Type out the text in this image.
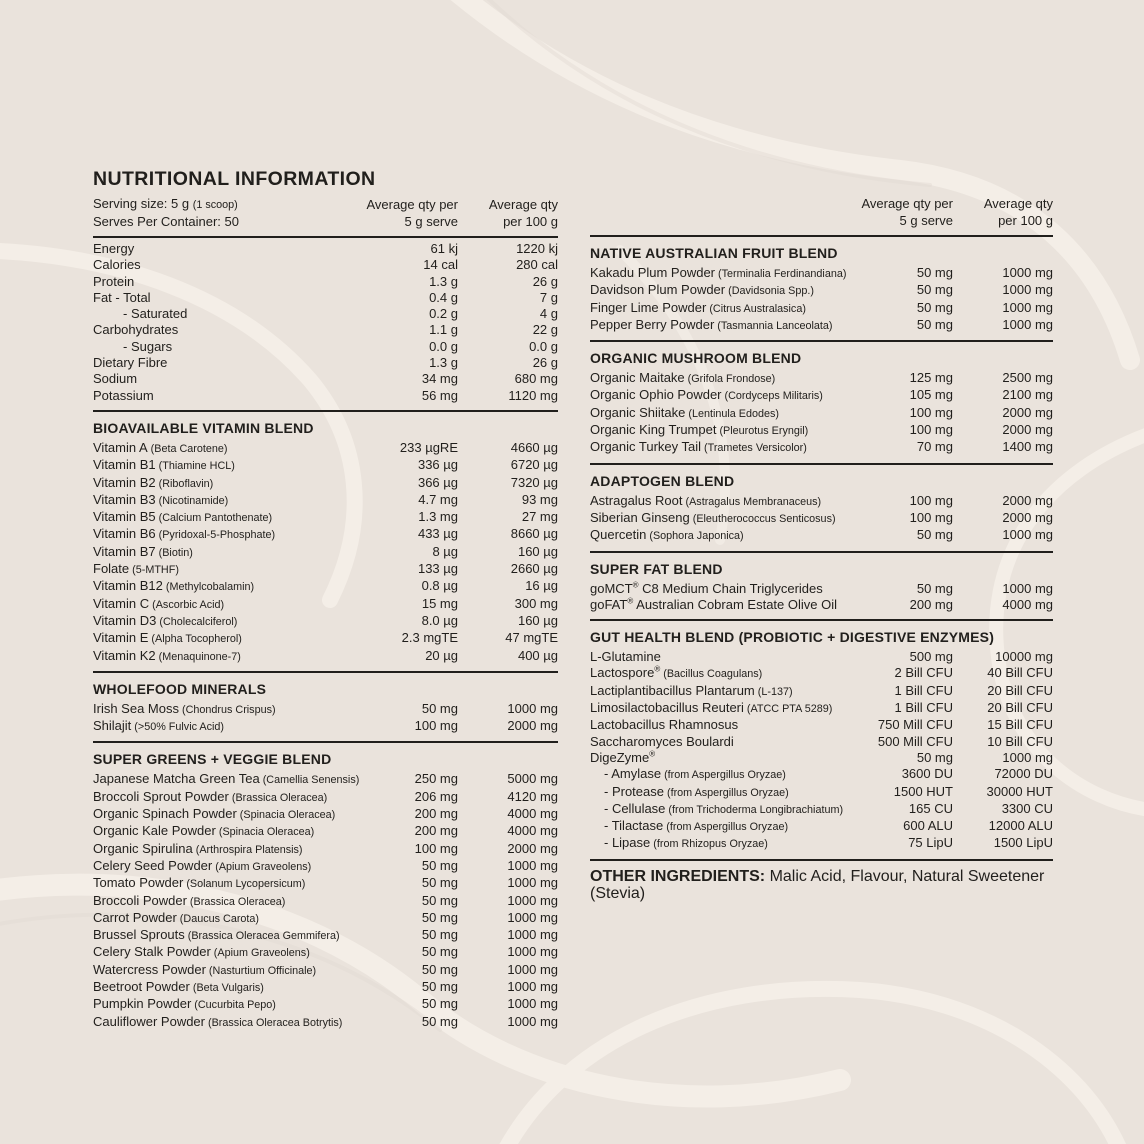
NUTRITIONAL INFORMATION
Serving size: 5 g (1 scoop)
Serves Per Container: 50
Average qty per
5 g serve
Average qty
per 100 g
Energy	61 kj	1220 kj
Calories	14 cal	280 cal
Protein	1.3 g	26 g
Fat - Total	0.4 g	7 g
- Saturated	0.2 g	4 g
Carbohydrates	1.1 g	22 g
- Sugars	0.0 g	0.0 g
Dietary Fibre	1.3 g	26 g
Sodium	34 mg	680 mg
Potassium	56 mg	1120 mg
BIOAVAILABLE VITAMIN BLEND
Vitamin A (Beta Carotene)	233 µgRE	4660 µg
Vitamin B1 (Thiamine HCL)	336 µg	6720 µg
Vitamin B2 (Riboflavin)	366 µg	7320 µg
Vitamin B3 (Nicotinamide)	4.7 mg	93 mg
Vitamin B5 (Calcium Pantothenate)	1.3 mg	27 mg
Vitamin B6 (Pyridoxal-5-Phosphate)	433 µg	8660 µg
Vitamin B7 (Biotin)	8 µg	160 µg
Folate (5-MTHF)	133 µg	2660 µg
Vitamin B12 (Methylcobalamin)	0.8 µg	16 µg
Vitamin C (Ascorbic Acid)	15 mg	300 mg
Vitamin D3 (Cholecalciferol)	8.0 µg	160 µg
Vitamin E (Alpha Tocopherol)	2.3 mgTE	47 mgTE
Vitamin K2 (Menaquinone-7)	20 µg	400 µg
WHOLEFOOD MINERALS
Irish Sea Moss (Chondrus Crispus)	50 mg	1000 mg
Shilajit (>50% Fulvic Acid)	100 mg	2000 mg
SUPER GREENS + VEGGIE BLEND
Japanese Matcha Green Tea (Camellia Senensis)	250 mg	5000 mg
Broccoli Sprout Powder (Brassica Oleracea)	206 mg	4120 mg
Organic Spinach Powder (Spinacia Oleracea)	200 mg	4000 mg
Organic Kale Powder (Spinacia Oleracea)	200 mg	4000 mg
Organic Spirulina (Arthrospira Platensis)	100 mg	2000 mg
Celery Seed Powder (Apium Graveolens)	50 mg	1000 mg
Tomato Powder (Solanum Lycopersicum)	50 mg	1000 mg
Broccoli Powder (Brassica Oleracea)	50 mg	1000 mg
Carrot Powder (Daucus Carota)	50 mg	1000 mg
Brussel Sprouts (Brassica Oleracea Gemmifera)	50 mg	1000 mg
Celery Stalk Powder (Apium Graveolens)	50 mg	1000 mg
Watercress Powder (Nasturtium Officinale)	50 mg	1000 mg
Beetroot Powder (Beta Vulgaris)	50 mg	1000 mg
Pumpkin Powder (Cucurbita Pepo)	50 mg	1000 mg
Cauliflower Powder (Brassica Oleracea Botrytis)	50 mg	1000 mg
Average qty per
5 g serve
Average qty
per 100 g
NATIVE AUSTRALIAN FRUIT BLEND
Kakadu Plum Powder (Terminalia Ferdinandiana)	50 mg	1000 mg
Davidson Plum Powder (Davidsonia Spp.)	50 mg	1000 mg
Finger Lime Powder (Citrus Australasica)	50 mg	1000 mg
Pepper Berry Powder (Tasmannia Lanceolata)	50 mg	1000 mg
ORGANIC MUSHROOM BLEND
Organic Maitake (Grifola Frondose)	125 mg	2500 mg
Organic Ophio Powder (Cordyceps Militaris)	105 mg	2100 mg
Organic Shiitake (Lentinula Edodes)	100 mg	2000 mg
Organic King Trumpet (Pleurotus Eryngil)	100 mg	2000 mg
Organic Turkey Tail (Trametes Versicolor)	70 mg	1400 mg
ADAPTOGEN BLEND
Astragalus Root (Astragalus Membranaceus)	100 mg	2000 mg
Siberian Ginseng (Eleutherococcus Senticosus)	100 mg	2000 mg
Quercetin (Sophora Japonica)	50 mg	1000 mg
SUPER FAT BLEND
goMCT® C8 Medium Chain Triglycerides	50 mg	1000 mg
goFAT® Australian Cobram Estate Olive Oil	200 mg	4000 mg
GUT HEALTH BLEND (PROBIOTIC + DIGESTIVE ENZYMES)
L-Glutamine	500 mg	10000 mg
Lactospore® (Bacillus Coagulans)	2 Bill CFU	40 Bill CFU
Lactiplantibacillus Plantarum (L-137)	1 Bill CFU	20 Bill CFU
Limosilactobacillus Reuteri (ATCC PTA 5289)	1 Bill CFU	20 Bill CFU
Lactobacillus Rhamnosus	750 Mill CFU	15 Bill CFU
Saccharomyces Boulardi	500 Mill CFU	10 Bill CFU
DigeZyme®	50 mg	1000 mg
- Amylase (from Aspergillus Oryzae)	3600 DU	72000 DU
- Protease (from Aspergillus Oryzae)	1500 HUT	30000 HUT
- Cellulase (from Trichoderma Longibrachiatum)	165 CU	3300 CU
- Tilactase (from Aspergillus Oryzae)	600 ALU	12000 ALU
- Lipase (from Rhizopus Oryzae)	75 LipU	1500 LipU
OTHER INGREDIENTS: Malic Acid, Flavour, Natural Sweetener (Stevia)
